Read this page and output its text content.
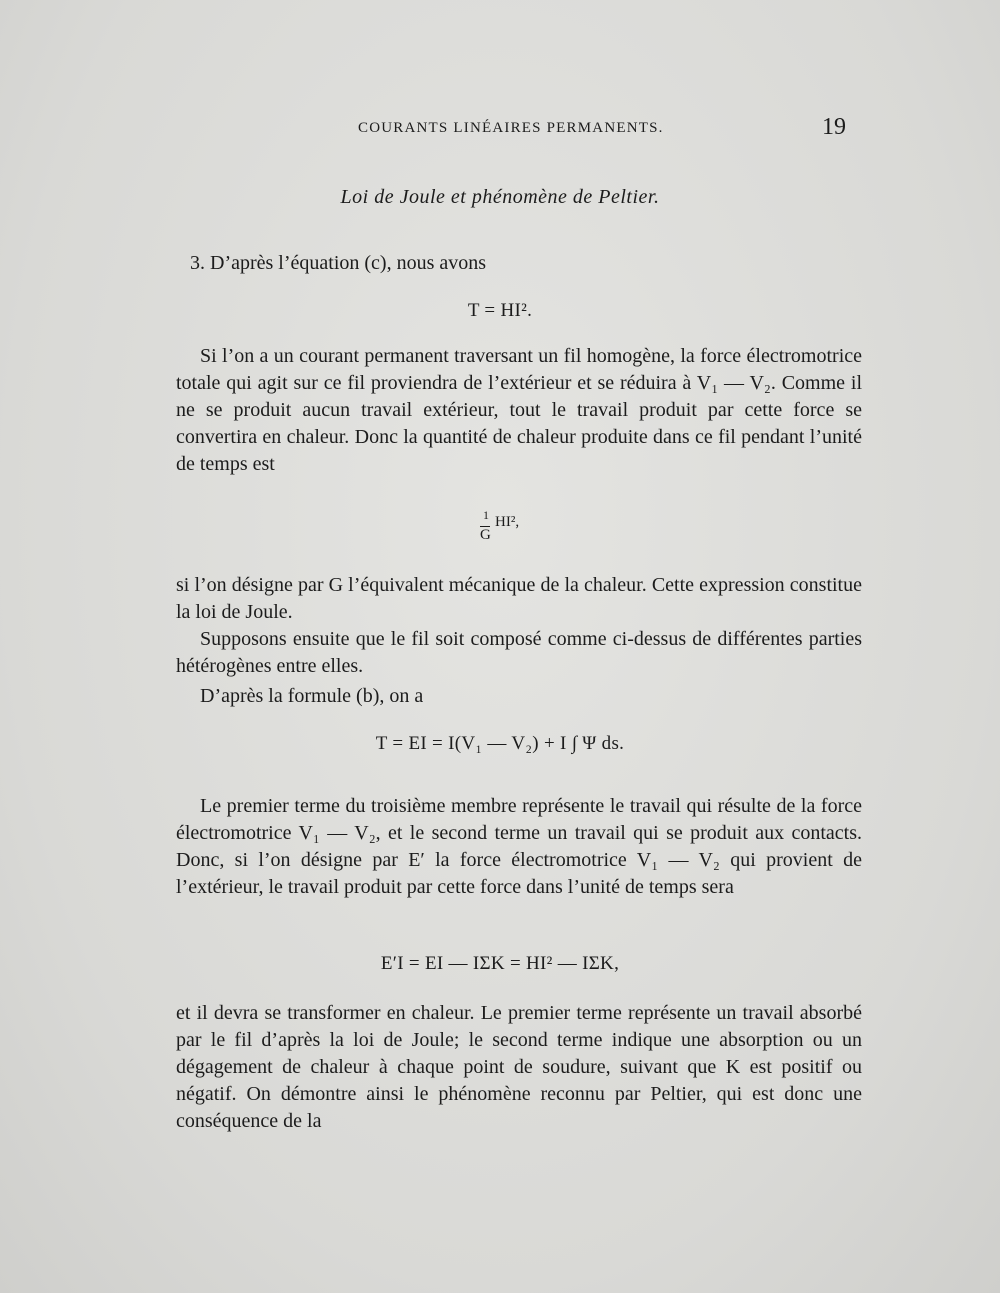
COURANTS LINÉAIRES PERMANENTS.	19
Loi de Joule et phénomène de Peltier.
3. D’après l’équation (c), nous avons
T = HI².
Si l’on a un courant permanent traversant un fil homogène, la force électromotrice totale qui agit sur ce fil proviendra de l’extérieur et se réduira à V₁ — V₂. Comme il ne se produit aucun travail extérieur, tout le travail produit par cette force se convertira en chaleur. Donc la quantité de chaleur produite dans ce fil pendant l’unité de temps est
1
G
HI²,
si l’on désigne par G l’équivalent mécanique de la chaleur. Cette expression constitue la loi de Joule.
Supposons ensuite que le fil soit composé comme ci-dessus de différentes parties hétérogènes entre elles.
D’après la formule (b), on a
T = EI = I(V₁ — V₂) + I ∫ Ψ ds.
Le premier terme du troisième membre représente le travail qui résulte de la force électromotrice V₁ — V₂, et le second terme un travail qui se produit aux contacts. Donc, si l’on désigne par E′ la force électromotrice V₁ — V₂ qui provient de l’extérieur, le travail produit par cette force dans l’unité de temps sera
E′I = EI — IΣK = HI² — IΣK,
et il devra se transformer en chaleur. Le premier terme représente un travail absorbé par le fil d’après la loi de Joule; le second terme indique une absorption ou un dégagement de chaleur à chaque point de soudure, suivant que K est positif ou négatif. On démontre ainsi le phénomène reconnu par Peltier, qui est donc une conséquence de la
